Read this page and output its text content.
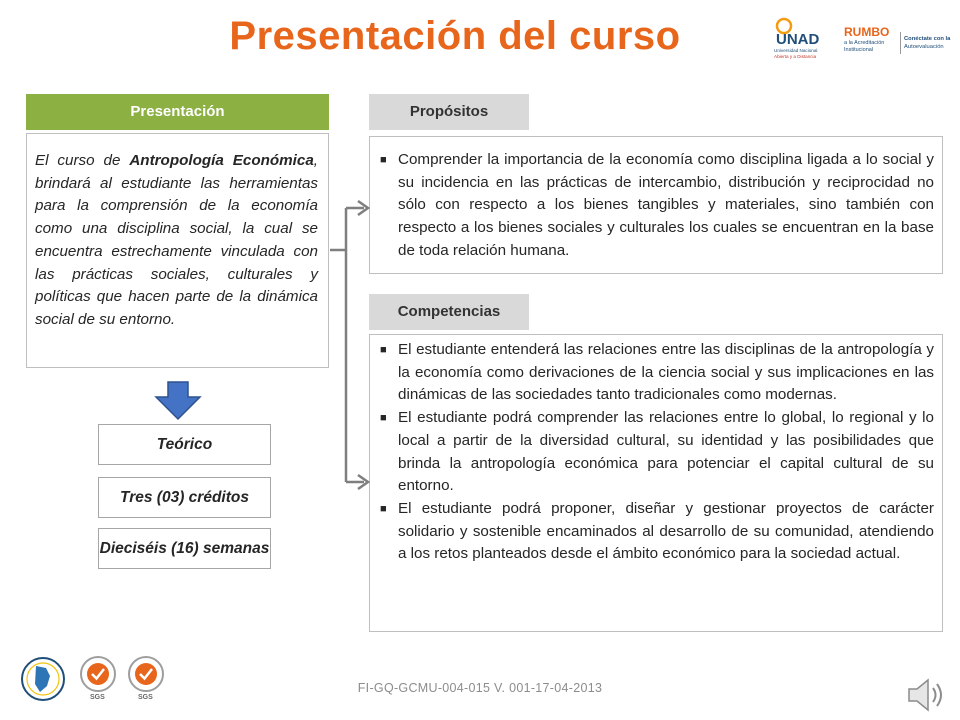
Presentación del curso	UNAD
Universidad Nacional
Abierta y a Distancia
RUMBO
a la Acreditación
Institucional
Conéctate con la
Autoevaluación
Presentación
El curso de Antropología Económica, brindará al estudiante las herramientas para la comprensión de la economía como una disciplina social, la cual se encuentra estrechamente vinculada con las prácticas sociales, culturales y políticas que hacen parte de la dinámica social de su entorno.
Propósitos
■ Comprender la importancia de la economía como disciplina ligada a lo social y su incidencia en las prácticas de intercambio, distribución y reciprocidad no sólo con respecto a los bienes tangibles y materiales, sino también con respecto a los bienes sociales y culturales los cuales se encuentran en la base de toda relación humana.
Competencias
■ El estudiante entenderá las relaciones entre las disciplinas de la antropología y la economía como derivaciones de la ciencia social y sus implicaciones en las dinámicas de las sociedades tanto tradicionales como modernas.
■ El estudiante podrá comprender las relaciones entre lo global, lo regional y lo local a partir de la diversidad cultural, su identidad y las posibilidades que brinda la antropología económica para potenciar el capital cultural de su entorno.
■ El estudiante podrá proponer, diseñar y gestionar proyectos de carácter solidario y sostenible encaminados al desarrollo de su comunidad, atendiendo a los retos planteados desde el ámbito económico para la sociedad actual.
Teórico
Tres (03) créditos
Dieciséis (16) semanas
SGS	SGS
FI-GQ-GCMU-004-015 V. 001-17-04-2013
